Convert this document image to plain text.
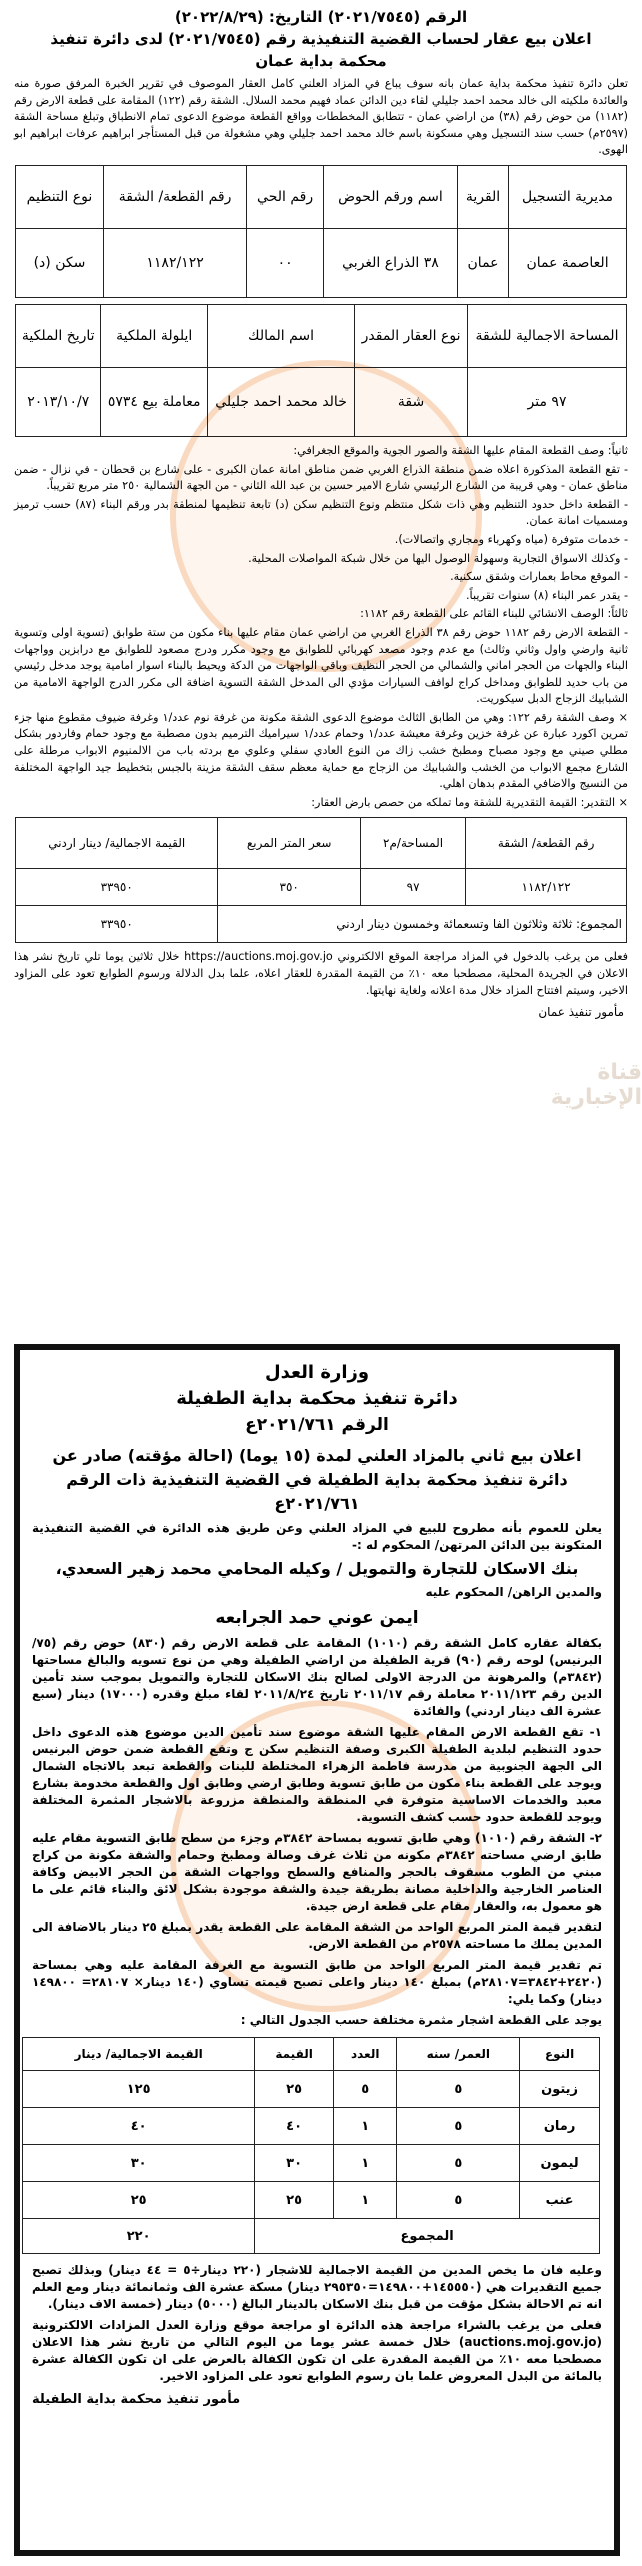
قناة الإخبارية
الرقم (٢٠٢١/٧٥٤٥) التاريخ: (٢٠٢٢/٨/٢٩)
اعلان بيع عقار لحساب القضية التنفيذية رقم (٢٠٢١/٧٥٤٥) لدى دائرة تنفيذ
محكمة بداية عمان

تعلن دائرة تنفيذ محكمة بداية عمان بانه سوف يباع في المزاد العلني كامل العقار الموصوف في تقرير الخبرة المرفق صورة منه والعائدة ملكيته الى خالد محمد احمد جليلي لقاء دين الدائن عماد فهيم محمد السلال. الشقة رقم (١٢٢) المقامة على قطعة الارض رقم (١١٨٢) من حوض رقم (٣٨) من اراضي عمان - تتطابق المخططات وواقع القطعة موضوع الدعوى تمام الانطباق وتبلغ مساحة الشقة (٢٥٩٧م) حسب سند التسجيل وهي مسكونة باسم خالد محمد احمد جليلي وهي مشغولة من قبل المستأجر ابراهيم عرفات ابراهيم ابو الهوى.

مديرية التسجيل	القرية	اسم ورقم الحوض	رقم الحي	رقم القطعة/ الشقة	نوع التنظيم
العاصمة عمان	عمان	٣٨ الذراع الغربي	٠٠	١١٨٢/١٢٢	سكن (د)
المساحة الاجمالية للشقة	نوع العقار المقدر	اسم المالك	ايلولة الملكية	تاريخ الملكية
٩٧ متر	شقة	خالد محمد احمد جليلي	معاملة بيع ٥٧٣٤	٢٠١٣/١٠/٧

ثانياً: وصف القطعة المقام عليها الشقة والصور الجوية والموقع الجغرافي:

- تقع القطعة المذكورة اعلاه ضمن منطقة الذراع الغربي ضمن مناطق امانة عمان الكبرى - على شارع بن قحطان - في نزال - ضمن مناطق عمان - وهي قريبة من الشارع الرئيسي شارع الامير حسين بن عبد الله الثاني - من الجهة الشمالية ٢٥٠ متر مربع تقريباً.

- القطعة داخل حدود التنظيم وهي ذات شكل منتظم ونوع التنظيم سكن (د) تابعة تنظيمها لمنطقة بدر ورقم البناء (٨٧) حسب ترميز ومسميات امانة عمان.

- خدمات متوفرة (مياه وكهرباء ومجاري واتصالات).

- وكذلك الاسواق التجارية وسهولة الوصول اليها من خلال شبكة المواصلات المحلية.

- الموقع محاط بعمارات وشقق سكنية.

- يقدر عمر البناء (٨) سنوات تقريباً.

ثالثاً: الوصف الانشائي للبناء القائم على القطعة رقم ١١٨٢:

- القطعة الارض رقم ١١٨٢ حوض رقم ٣٨ الذراع الغربي من اراضي عمان مقام عليها بناء مكون من ستة طوابق (تسوية اولى وتسوية ثانية وارضي واول وثاني وثالث) مع عدم وجود مصعد كهربائي للطوابق مع وجود مكرر ودرج مصعود للطوابق مع درابزين وواجهات البناء والجهات من الحجر اماني والشمالي من الحجر النظيف وباقي الواجهات من الدكة ويحيط بالبناء اسوار امامية يوجد مدخل رئيسي من باب حديد للطوابق ومداخل كراج لوافف السيارات مؤدي الى المدخل الشقة التسوية اضافة الى مكرر الدرج الواجهة الامامية من الشبابيك الزجاج الدبل سيكوريت.

× وصف الشقة رقم ١٢٢: وهي من الطابق الثالث موضوع الدعوى الشقة مكونة من غرفة نوم عدد/١ وغرفة ضيوف مقطوع منها جزء تمرين اكورد عبارة عن غرفة خزين وغرفة معيشة عدد/١ وحمام عدد/١ سيراميك الترميم بدون مصطبة مع وجود حمام وفاردور بشكل مطلي صيني مع وجود مصباح ومطبخ خشب زاك من النوع العادي سفلي وعلوي مع بردته باب من الالمنيوم الابواب مرطلة على الشارع مجمع الابواب من الخشب والشبابيك من الزجاج مع حماية معظم سقف الشقة مزينة بالجبس بتخطيط جيد الواجهة المختلفة من النسيج والاضافي المقدم بدهان اهلي.

× التقدير: القيمة التقديرية للشقة وما تملكه من حصص بارض العقار:

رقم القطعة/ الشقة	المساحة/م٢	سعر المتر المربع	القيمة الاجمالية/ دينار اردني
١١٨٢/١٢٢	٩٧	٣٥٠	٣٣٩٥٠
المجموع: ثلاثة وثلاثون الفا وتسعمائة وخمسون دينار اردني			٣٣٩٥٠

فعلى من يرغب بالدخول في المزاد مراجعة الموقع الالكتروني https://auctions.moj.gov.jo خلال ثلاثين يوما تلي تاريخ نشر هذا الاعلان في الجريدة المحلية، مصطحبا معه ١٠٪ من القيمة المقدرة للعقار اعلاه، علما بدل الدلالة ورسوم الطوابع تعود على المزاود الاخير، وسيتم افتتاح المزاد خلال مدة اعلانه ولغاية نهايتها.

مأمور تنفيذ عمان
وزارة العدل
دائرة تنفيذ محكمة بداية الطفيلة
الرقم ٢٠٢١/٧٦١ع
اعلان بيع ثاني بالمزاد العلني لمدة (١٥ يوما) (احالة مؤقته) صادر عن دائرة تنفيذ محكمة بداية الطفيلة في القضية التنفيذية ذات الرقم ٢٠٢١/٧٦١ع

يعلن للعموم بأنه مطروح للبيع في المزاد العلني وعن طريق هذه الدائرة في القضية التنفيذية المتكونة بين الدائن المرتهن/ المحكوم له :-

بنك الاسكان للتجارة والتمويل / وكيله المحامي محمد زهير السعدي،

والمدين الراهن/ المحكوم عليه

ايمن عوني حمد الجرابعه

بكفالة عقاره كامل الشقة رقم (١٠١٠) المقامة على قطعة الارض رقم (٨٣٠) حوض رقم (٧٥/البرنيس) لوحه رقم (٩٠) قرية الطفيلة من اراضي الطفيلة وهي من نوع تسويه والبالغ مساحتها (٣٨٤٢م) والمرهونة من الدرجة الاولى لصالح بنك الاسكان للتجارة والتمويل بموجب سند تأمين الدين رقم ٢٠١١/١٢٣ معاملة رقم ٢٠١١/١٧ تاريخ ٢٠١١/٨/٢٤ لقاء مبلغ وقدره (١٧٠٠٠) دينار (سبع عشرة الف دينار اردني) والفائدة

١- تقع القطعة الارض المقام عليها الشقة موضوع سند تأمين الدين موضوع هذه الدعوى داخل حدود التنظيم لبلدية الطفيلة الكبرى وصفة التنظيم سكن ج وتقع القطعة ضمن حوض البرنيس الى الجهة الجنوبية من مدرسة فاطمة الزهراء المختلطة للبنات والقطعة تبعد بالاتجاه الشمال ويوجد على القطعة بناء مكون من طابق تسوية وطابق ارضي وطابق اول والقطعة مخدومة بشارع معبد والخدمات الاساسية متوفرة في المنطقة والمنطقة مزروعة بالاشجار المثمرة المختلفة ويوجد للقطعة حدود حسب كشف التسوية.

٢- الشقة رقم (١٠١٠) وهي طابق تسويه بمساحة ٣٨٤٢م وجزء من سطح طابق التسوية مقام عليه طابق ارضي مساحته ٣٨٤٢م مكونه من ثلاث غرف وصالة ومطبخ وحمام والشقة مكونة من كراج مبني من الطوب مسقوف بالحجر والمنافع والسطح وواجهات الشقة من الحجر الابيض وكافة العناصر الخارجية والداخلية مصانة بطريقة جيدة والشقة موجودة بشكل لائق والبناء قائم على ما هو معمول به، والعقار مقام على قطعة ارض جيدة.

لتقدير قيمة المتر المربع الواحد من الشقة المقامة على القطعة يقدر بمبلغ ٢٥ دينار بالاضافة الى المدين يملك ما مساحته ٢٥٧٨م من القطعة الارض.

تم تقدير قيمة المتر المربع الواحد من طابق التسوية مع الغرفة المقامة عليه وهي بمساحة (٢٤٢٠+٣٨٤٢=٢٨١٠٧م) بمبلغ ١٤٠ دينار واعلى تصبح قيمته تساوي (١٤٠ دينار× ٢٨١٠٧= ١٤٩٨٠٠ دينار) وكما يلي:

يوجد على القطعة اشجار مثمرة مختلفة حسب الجدول التالي :

النوع	العمر/ سنه	العدد	القيمة	القيمة الاجمالية/ دينار
زيتون	٥	٥	٢٥	١٢٥
رمان	٥	١	٤٠	٤٠
ليمون	٥	١	٣٠	٣٠
عنب	٥	١	٢٥	٢٥
المجموع				٢٢٠

وعليه فان ما يخص المدين من القيمة الاجمالية للاشجار (٢٢٠ دينار÷٥ = ٤٤ دينار) وبذلك تصبح جميع التقديرات هي (١٤٥٥٥٠+١٤٩٨٠٠=٢٩٥٣٥٠ دينار) مسكة عشرة الف وثمانمائة دينار ومع العلم انه تم الاحالة بشكل مؤقت من قبل بنك الاسكان بالدينار البالغ (٥٠٠٠) دينار (خمسة الاف دينار).

فعلى من يرغب بالشراء مراجعة هذه الدائرة او مراجعة موقع وزارة العدل المزادات الالكترونية (auctions.moj.gov.jo) خلال خمسة عشر يوما من اليوم التالي من تاريخ نشر هذا الاعلان مصطحبا معه ١٠٪ من القيمة المقدرة على ان تكون الكفالة بالعرض على ان تكون الكفالة عشرة بالمائة من البدل المعروض علما بان رسوم الطوابع تعود على المزاود الاخير.

مأمور تنفيذ محكمة بداية الطفيلة
